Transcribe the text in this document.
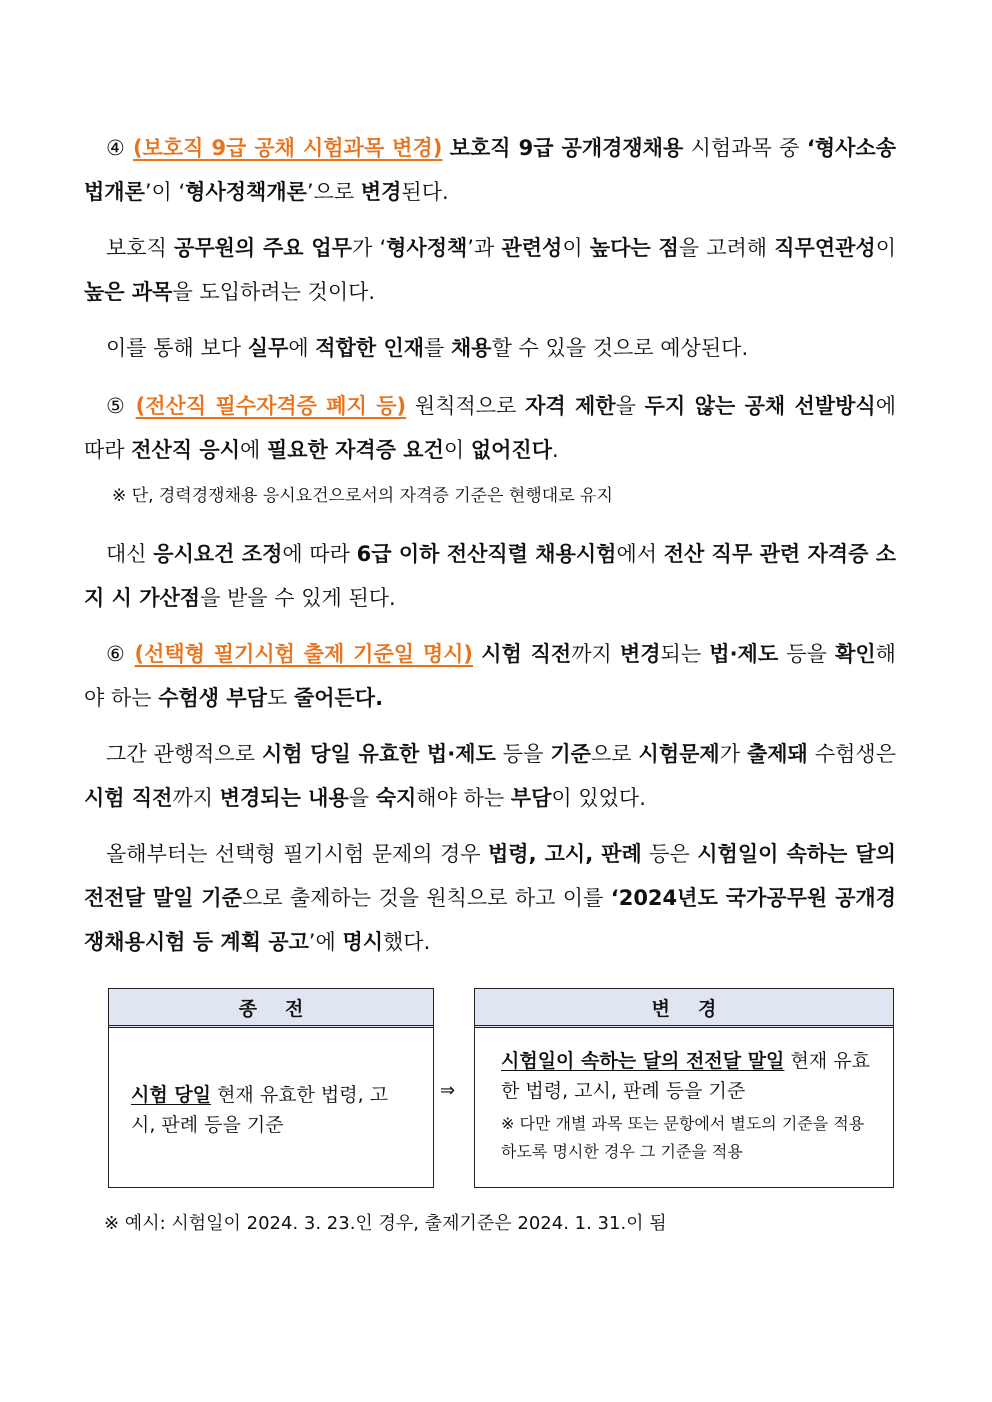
④ (보호직 9급 공채 시험과목 변경) 보호직 9급 공개경쟁채용 시험과목 중 ‘형사소송법개론’이 ‘형사정책개론’으로 변경된다.

보호직 공무원의 주요 업무가 ‘형사정책’과 관련성이 높다는 점을 고려해 직무연관성이 높은 과목을 도입하려는 것이다.

이를 통해 보다 실무에 적합한 인재를 채용할 수 있을 것으로 예상된다.

⑤ (전산직 필수자격증 폐지 등) 원칙적으로 자격 제한을 두지 않는 공채 선발방식에 따라 전산직 응시에 필요한 자격증 요건이 없어진다.

※ 단, 경력경쟁채용 응시요건으로서의 자격증 기준은 현행대로 유지

대신 응시요건 조정에 따라 6급 이하 전산직렬 채용시험에서 전산 직무 관련 자격증 소지 시 가산점을 받을 수 있게 된다.

⑥ (선택형 필기시험 출제 기준일 명시) 시험 직전까지 변경되는 법·제도 등을 확인해야 하는 수험생 부담도 줄어든다.

그간 관행적으로 시험 당일 유효한 법·제도 등을 기준으로 시험문제가 출제돼 수험생은 시험 직전까지 변경되는 내용을 숙지해야 하는 부담이 있었다.

올해부터는 선택형 필기시험 문제의 경우 법령, 고시, 판례 등은 시험일이 속하는 달의 전전달 말일 기준으로 출제하는 것을 원칙으로 하고 이를 ‘2024년도 국가공무원 공개경쟁채용시험 등 계획 공고’에 명시했다.

종전
시험 당일 현재 유효한 법령, 고시, 판례 등을 기준
⇒
변경
시험일이 속하는 달의 전전달 말일 현재 유효한 법령, 고시, 판례 등을 기준
※ 다만 개별 과목 또는 문항에서 별도의 기준을 적용하도록 명시한 경우 그 기준을 적용

※ 예시: 시험일이 2024. 3. 23.인 경우, 출제기준은 2024. 1. 31.이 됨
